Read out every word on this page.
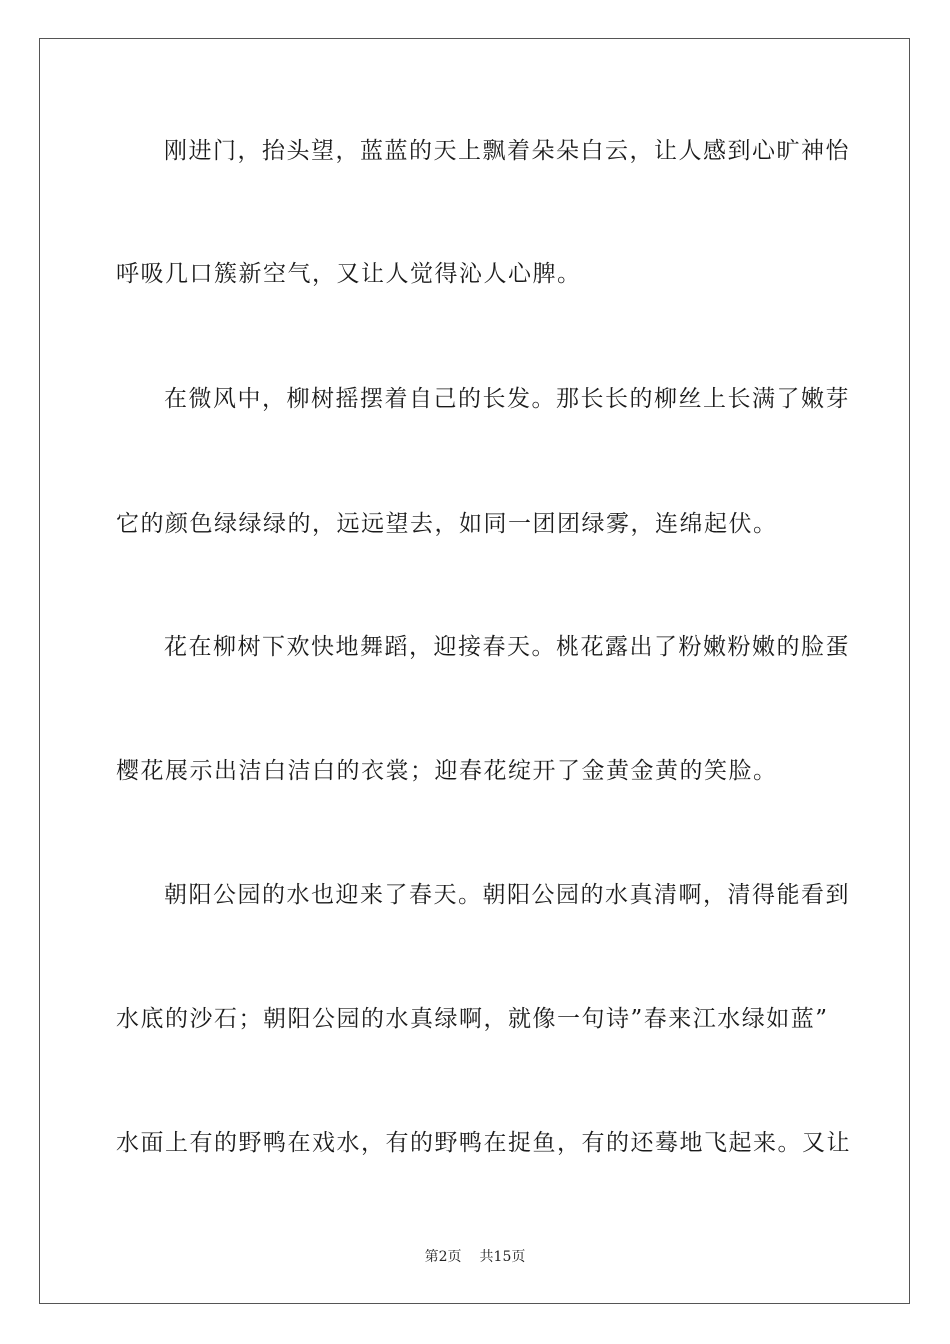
刚进门，抬头望，蓝蓝的天上飘着朵朵白云，让人感到心旷神怡
呼吸几口簇新空气，又让人觉得沁人心脾。
在微风中，柳树摇摆着自己的长发。那长长的柳丝上长满了嫩芽
它的颜色绿绿绿的，远远望去，如同一团团绿雾，连绵起伏。
花在柳树下欢快地舞蹈，迎接春天。桃花露出了粉嫩粉嫩的脸蛋
樱花展示出洁白洁白的衣裳；迎春花绽开了金黄金黄的笑脸。
朝阳公园的水也迎来了春天。朝阳公园的水真清啊，清得能看到
水底的沙石；朝阳公园的水真绿啊，就像一句诗”春来江水绿如蓝”
水面上有的野鸭在戏水，有的野鸭在捉鱼，有的还蓦地飞起来。又让
第2页 共15页
